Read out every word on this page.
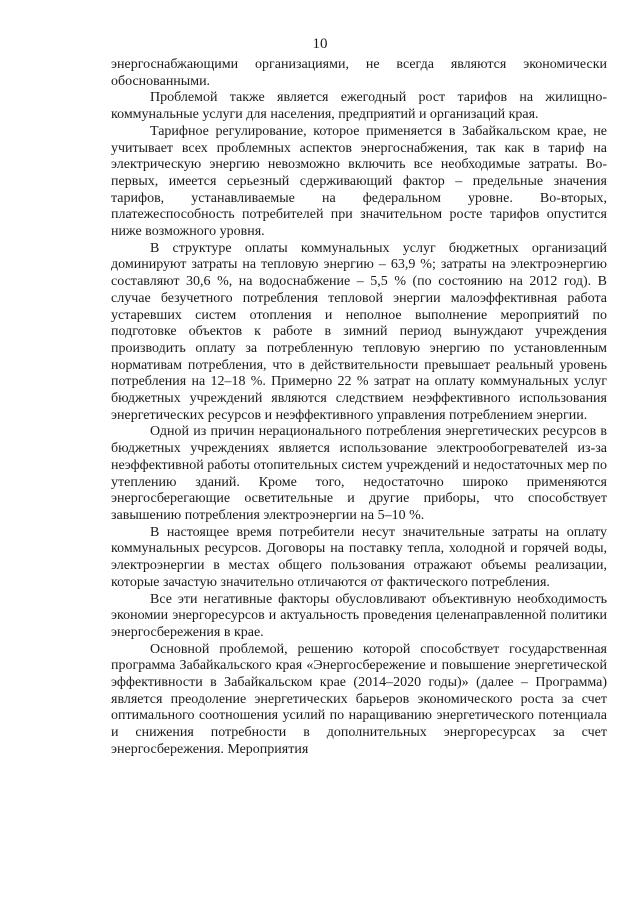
10

энергоснабжающими организациями, не всегда являются экономически обоснованными.

Проблемой также является ежегодный рост тарифов на жилищно-коммунальные услуги для населения, предприятий и организаций края.

Тарифное регулирование, которое применяется в Забайкальском крае, не учитывает всех проблемных аспектов энергоснабжения, так как в тариф на электрическую энергию невозможно включить все необходимые затраты. Во-первых, имеется серьезный сдерживающий фактор – предельные значения тарифов, устанавливаемые на федеральном уровне. Во-вторых, платежеспособность потребителей при значительном росте тарифов опустится ниже возможного уровня.

В структуре оплаты коммунальных услуг бюджетных организаций доминируют затраты на тепловую энергию – 63,9 %; затраты на электроэнергию составляют 30,6 %, на водоснабжение – 5,5 % (по состоянию на 2012 год). В случае безучетного потребления тепловой энергии малоэффективная работа устаревших систем отопления и неполное выполнение мероприятий по подготовке объектов к работе в зимний период вынуждают учреждения производить оплату за потребленную тепловую энергию по установленным нормативам потребления, что в действительности превышает реальный уровень потребления на 12–18 %. Примерно 22 % затрат на оплату коммунальных услуг бюджетных учреждений являются следствием неэффективного использования энергетических ресурсов и неэффективного управления потреблением энергии.

Одной из причин нерационального потребления энергетических ресурсов в бюджетных учреждениях является использование электрообогревателей из-за неэффективной работы отопительных систем учреждений и недостаточных мер по утеплению зданий. Кроме того, недостаточно широко применяются энергосберегающие осветительные и другие приборы, что способствует завышению потребления электроэнергии на 5–10 %.

В настоящее время потребители несут значительные затраты на оплату коммунальных ресурсов. Договоры на поставку тепла, холодной и горячей воды, электроэнергии в местах общего пользования отражают объемы реализации, которые зачастую значительно отличаются от фактического потребления.

Все эти негативные факторы обусловливают объективную необходимость экономии энергоресурсов и актуальность проведения целенаправленной политики энергосбережения в крае.

Основной проблемой, решению которой способствует государственная программа Забайкальского края «Энергосбережение и повышение энергетической эффективности в Забайкальском крае (2014–2020 годы)» (далее – Программа) является преодоление энергетических барьеров экономического роста за счет оптимального соотношения усилий по наращиванию энергетического потенциала и снижения потребности в дополнительных энергоресурсах за счет энергосбережения. Мероприятия
